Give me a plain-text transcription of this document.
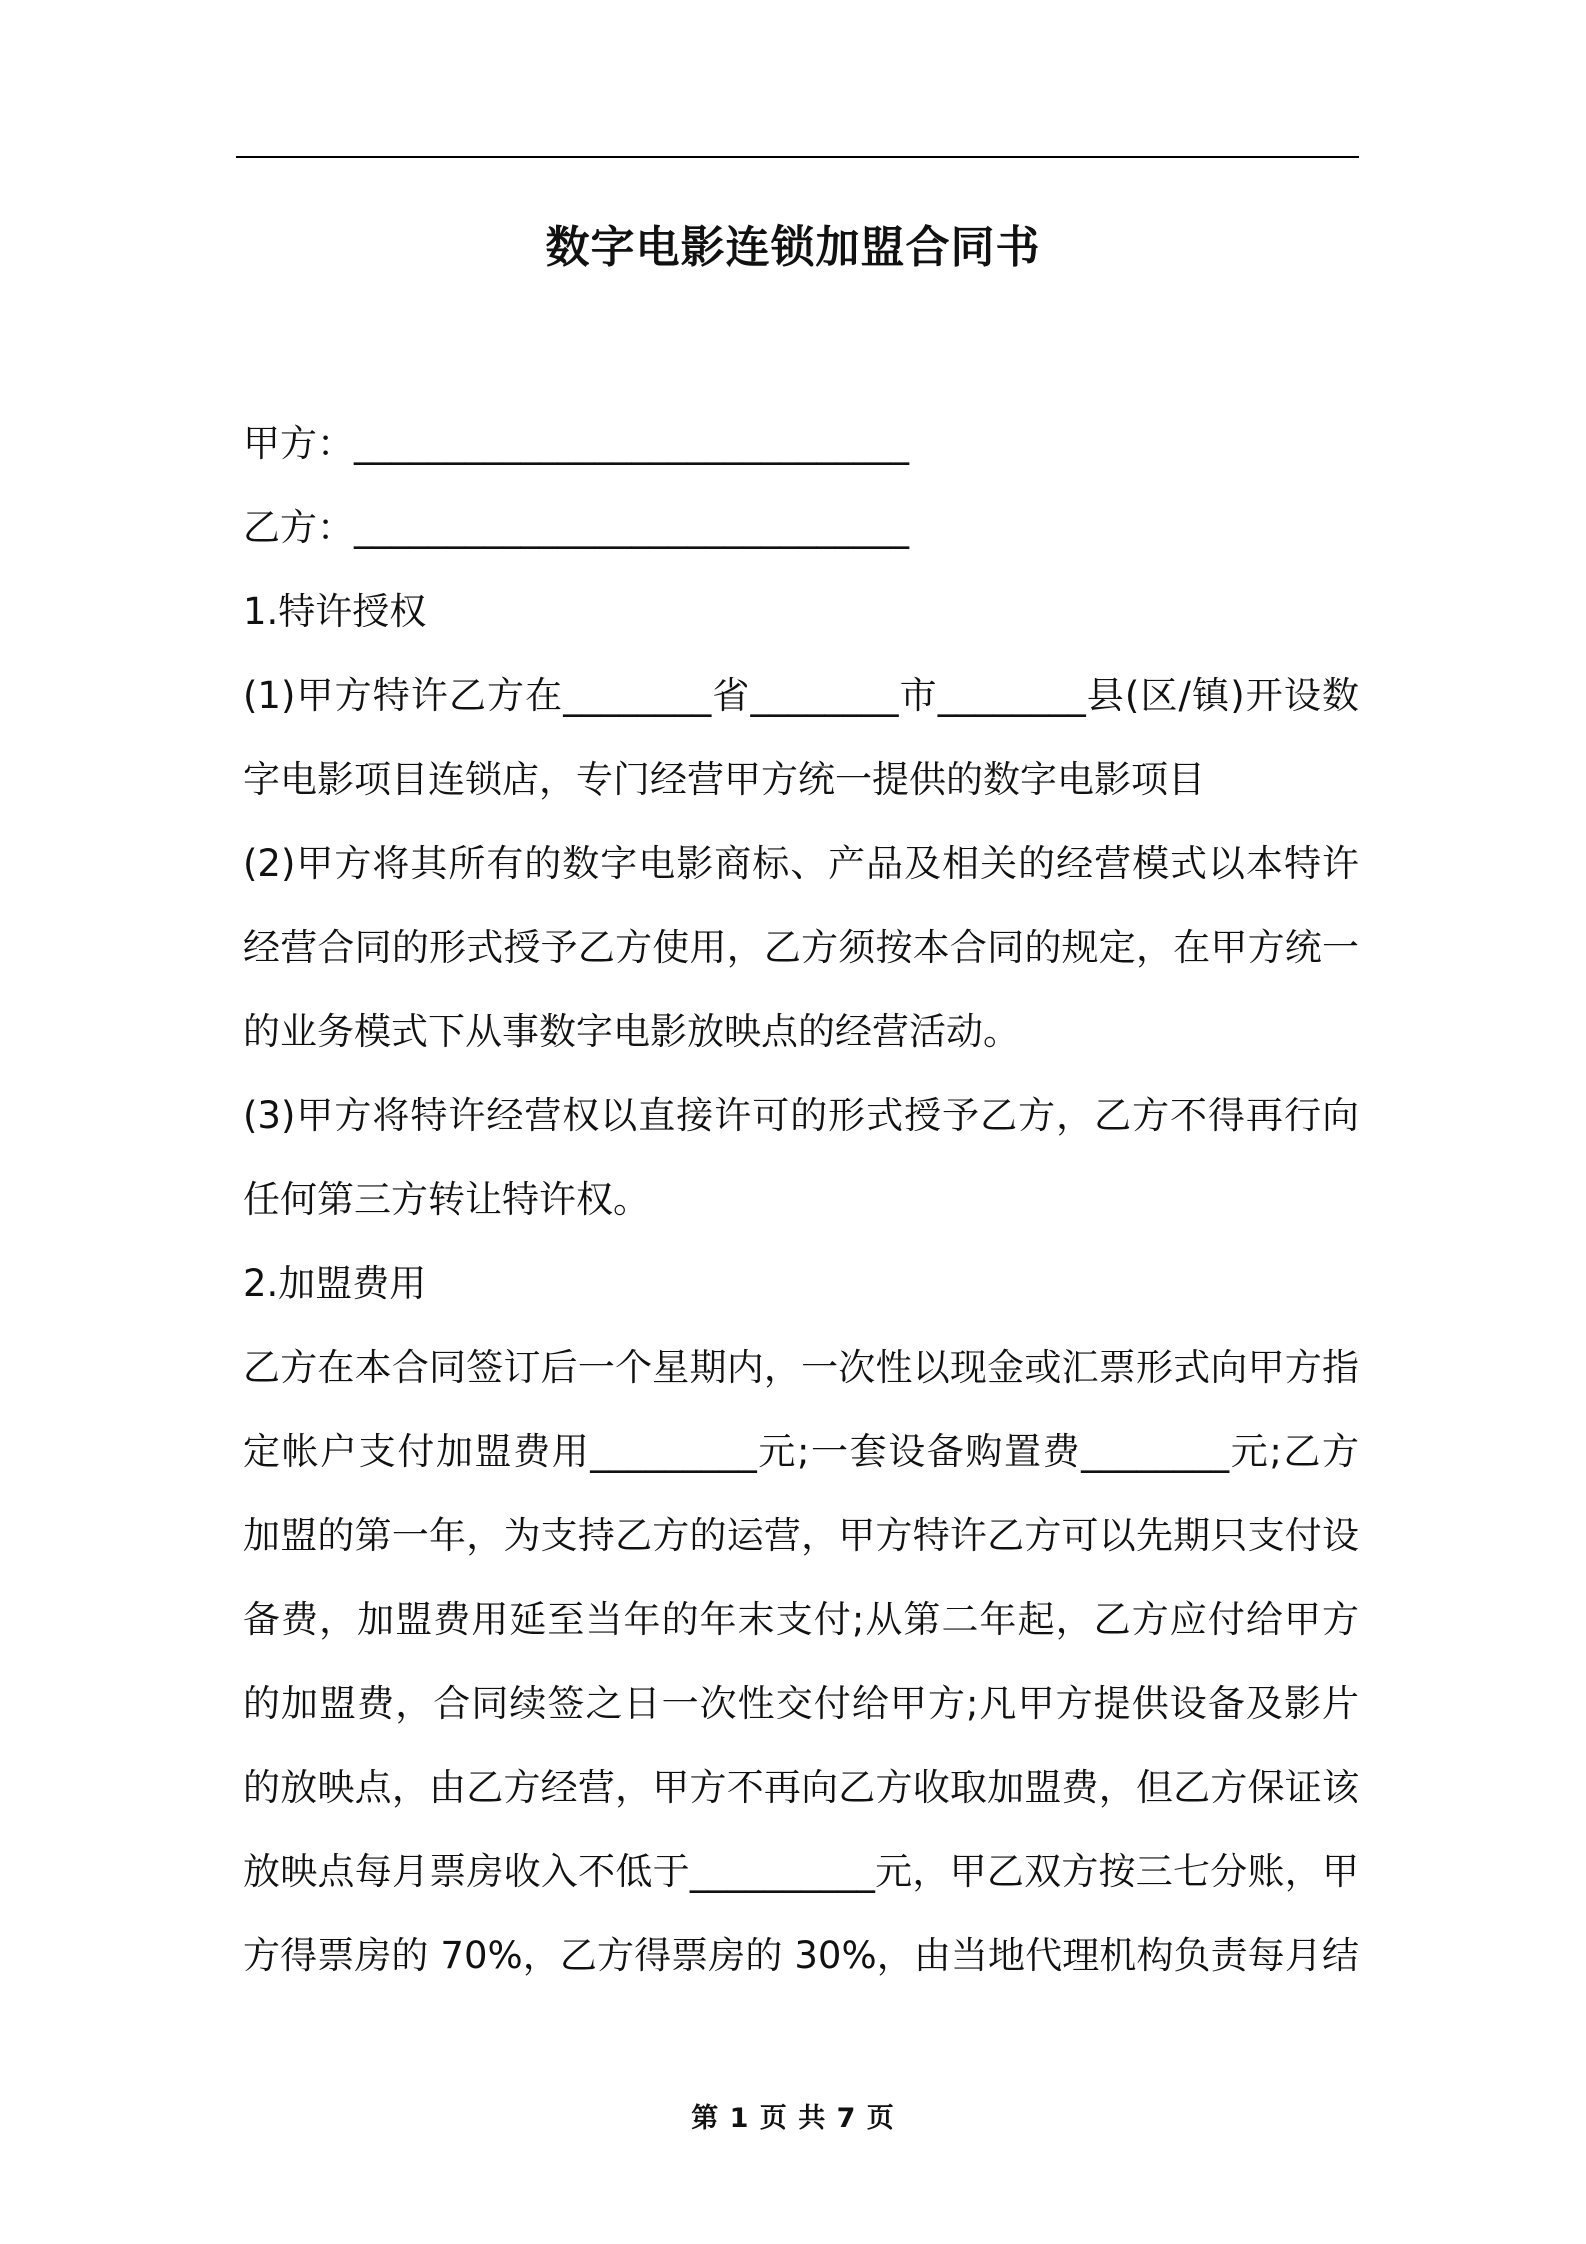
数字电影连锁加盟合同书
甲方：______________________________
乙方：______________________________
1.特许授权
(1)甲方特许乙方在________省________市________县(区/镇)开设数
字电影项目连锁店，专门经营甲方统一提供的数字电影项目
(2)甲方将其所有的数字电影商标、产品及相关的经营模式以本特许
经营合同的形式授予乙方使用，乙方须按本合同的规定，在甲方统一
的业务模式下从事数字电影放映点的经营活动。
(3)甲方将特许经营权以直接许可的形式授予乙方，乙方不得再行向
任何第三方转让特许权。
2.加盟费用
乙方在本合同签订后一个星期内，一次性以现金或汇票形式向甲方指
定帐户支付加盟费用_________元;一套设备购置费________元;乙方
加盟的第一年，为支持乙方的运营，甲方特许乙方可以先期只支付设
备费，加盟费用延至当年的年末支付;从第二年起，乙方应付给甲方
的加盟费，合同续签之日一次性交付给甲方;凡甲方提供设备及影片
的放映点，由乙方经营，甲方不再向乙方收取加盟费，但乙方保证该
放映点每月票房收入不低于__________元，甲乙双方按三七分账，甲
方得票房的 70%，乙方得票房的 30%，由当地代理机构负责每月结
第 1 页 共 7 页
